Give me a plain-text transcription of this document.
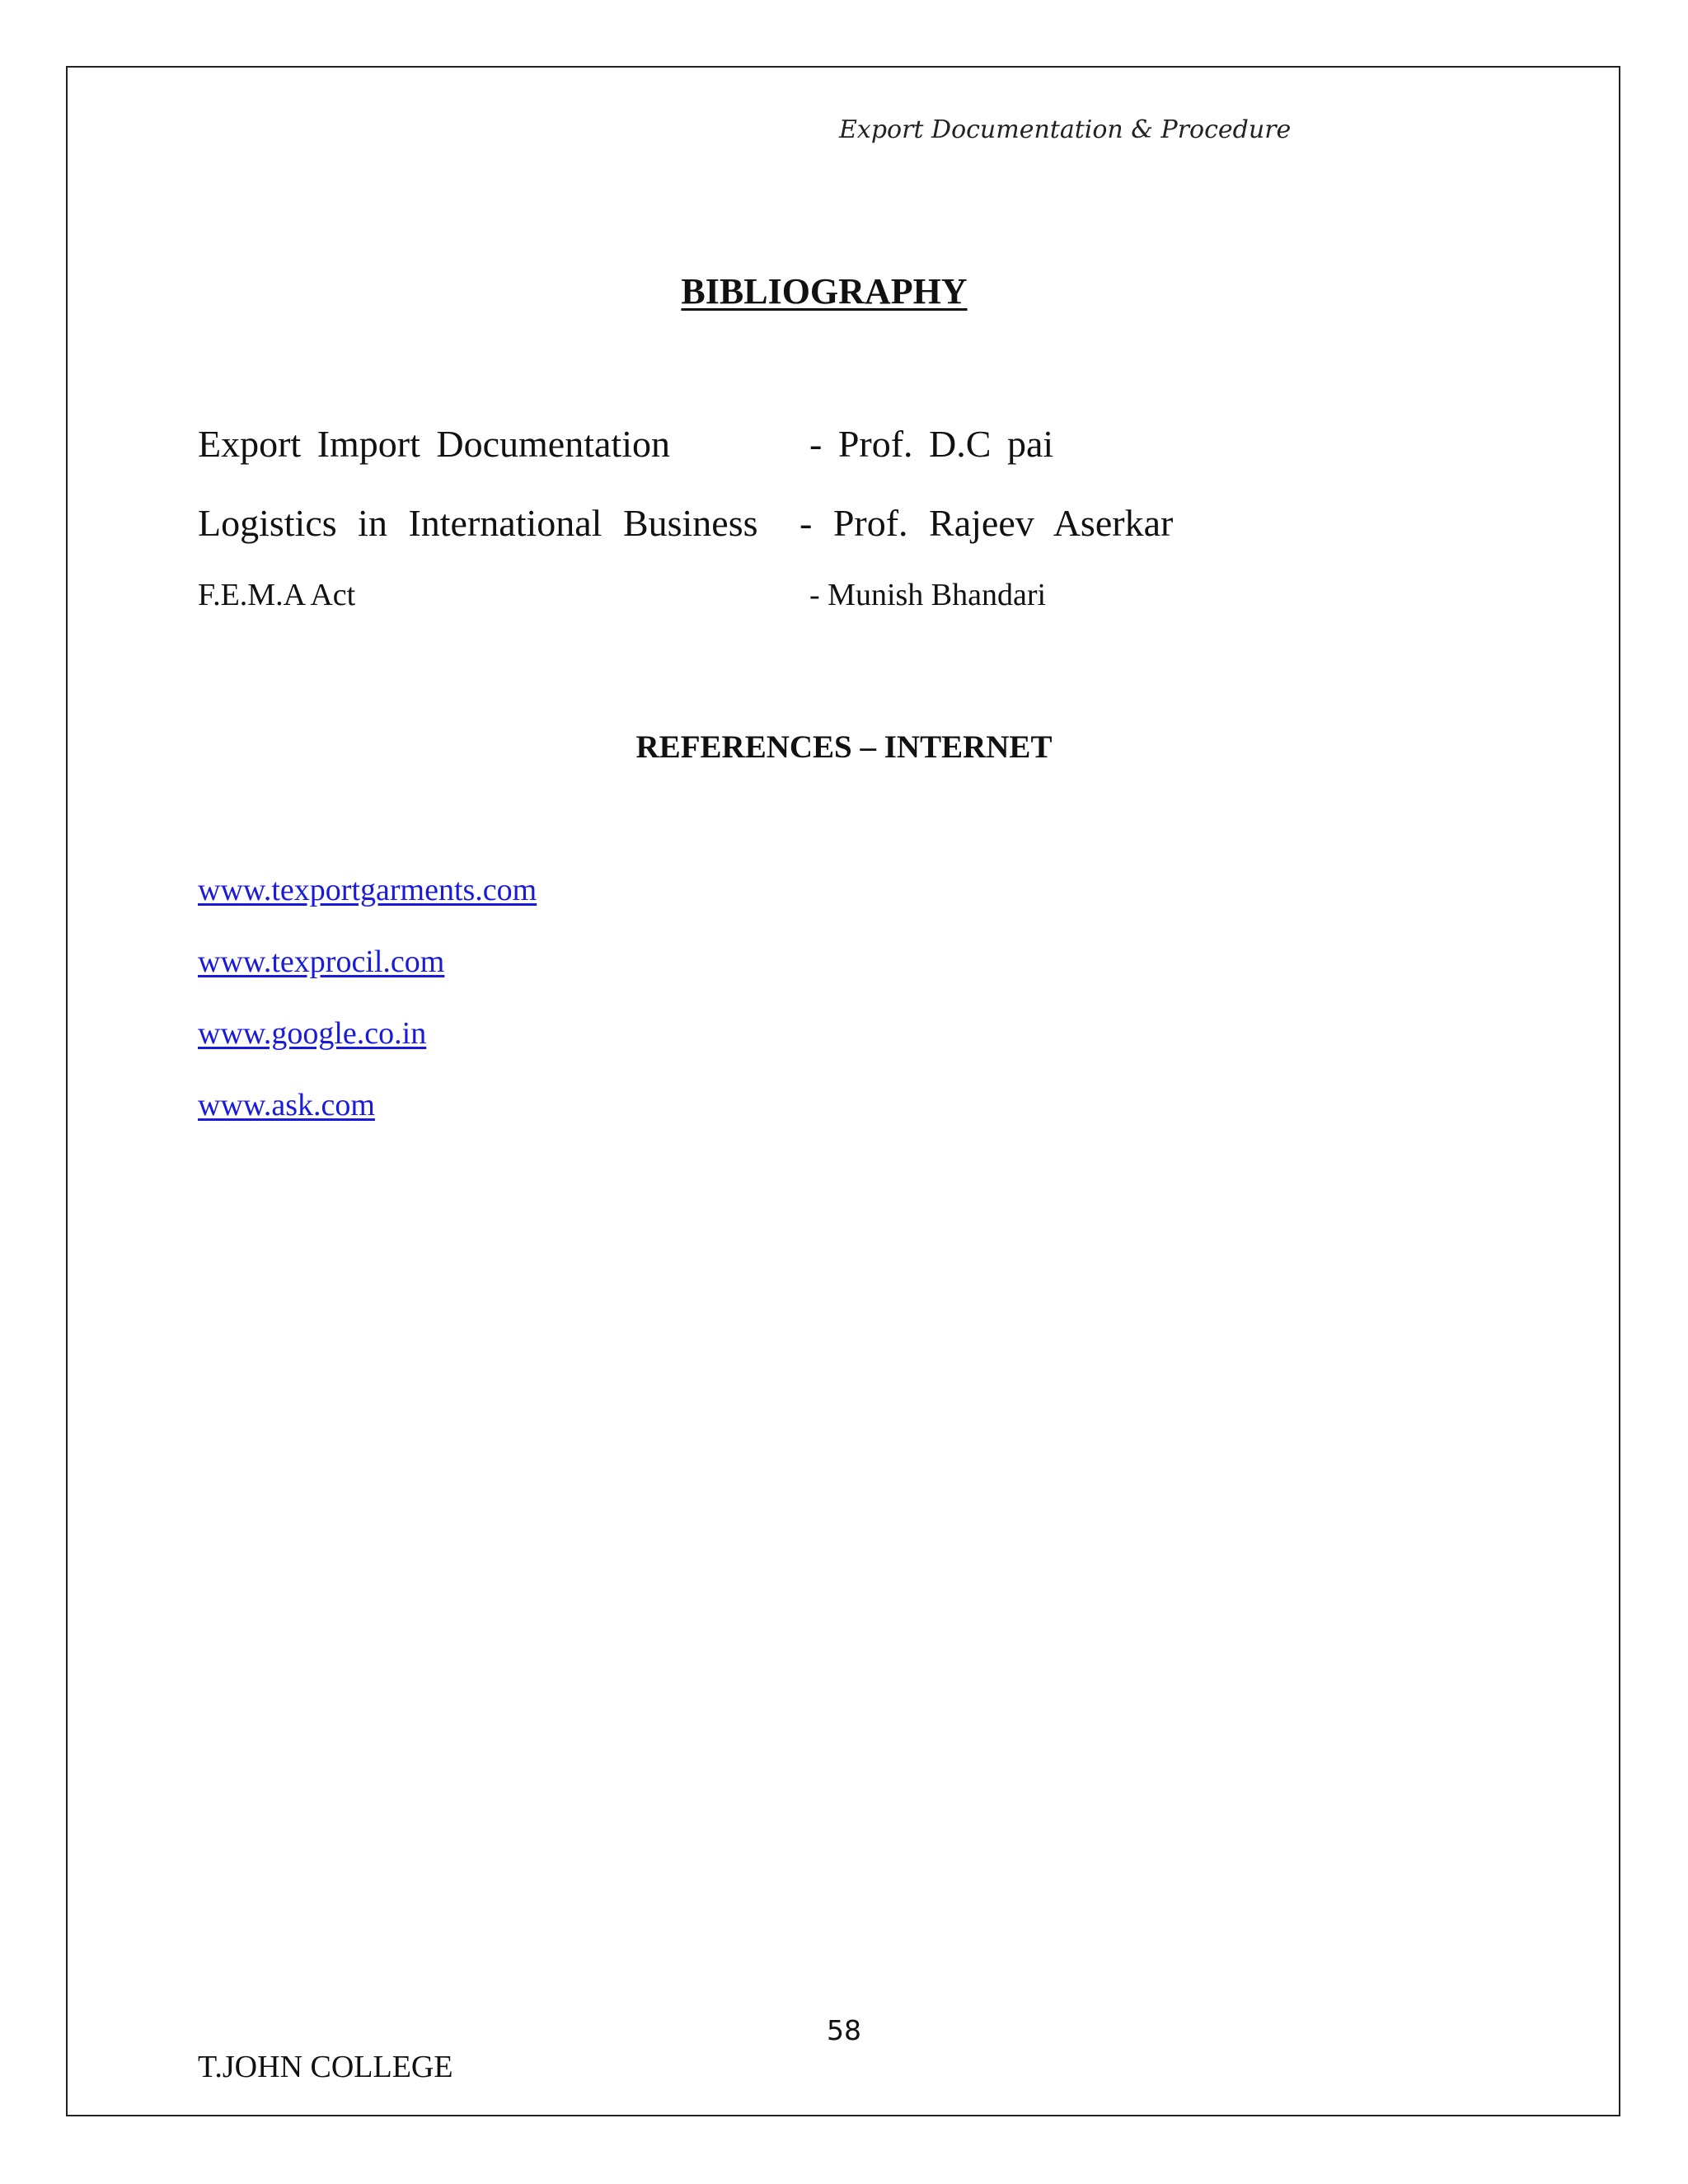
Export Documentation & Procedure
BIBLIOGRAPHY
Export Import Documentation	- Prof. D.C pai
Logistics in International Business - Prof. Rajeev Aserkar
F.E.M.A Act	- Munish Bhandari
REFERENCES – INTERNET
www.texportgarments.com
www.texprocil.com
www.google.co.in
www.ask.com
58
T.JOHN COLLEGE
